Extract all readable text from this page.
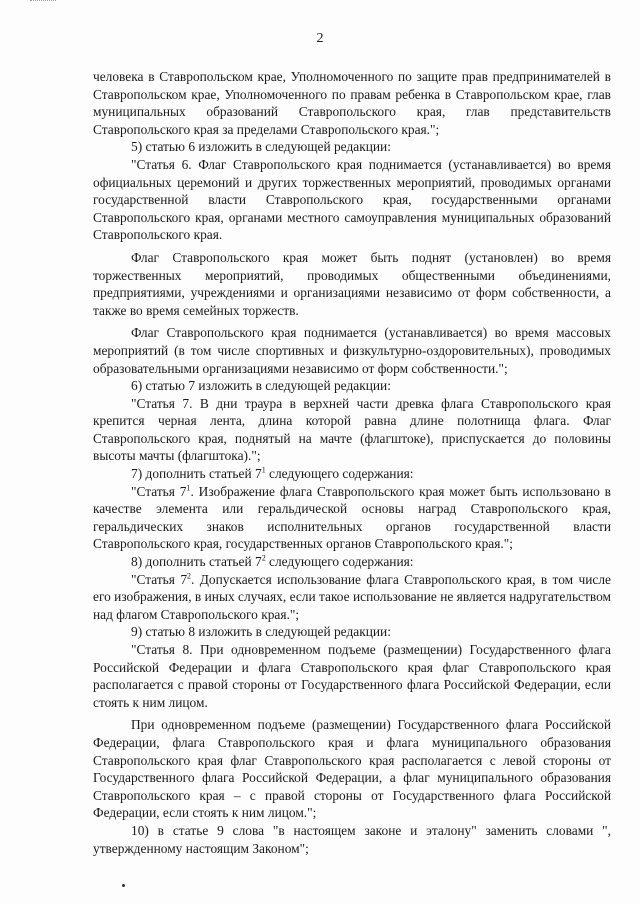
2

человека в Ставропольском крае, Уполномоченного по защите прав предпринимателей в Ставропольском крае, Уполномоченного по правам ребенка в Ставропольском крае, глав муниципальных образований Ставропольского края, глав представительств Ставропольского края за пределами Ставропольского края.";

5) статью 6 изложить в следующей редакции:

"Статья 6. Флаг Ставропольского края поднимается (устанавливается) во время официальных церемоний и других торжественных мероприятий, проводимых органами государственной власти Ставропольского края, государственными органами Ставропольского края, органами местного самоуправления муниципальных образований Ставропольского края.

Флаг Ставропольского края может быть поднят (установлен) во время торжественных мероприятий, проводимых общественными объединениями, предприятиями, учреждениями и организациями независимо от форм собственности, а также во время семейных торжеств.

Флаг Ставропольского края поднимается (устанавливается) во время массовых мероприятий (в том числе спортивных и физкультурно-оздоровительных), проводимых образовательными организациями независимо от форм собственности.";

6) статью 7 изложить в следующей редакции:

"Статья 7. В дни траура в верхней части древка флага Ставропольского края крепится черная лента, длина которой равна длине полотнища флага. Флаг Ставропольского края, поднятый на мачте (флагштоке), приспускается до половины высоты мачты (флагштока).";

7) дополнить статьей $7^1$ следующего содержания:

"Статья $7^1$. Изображение флага Ставропольского края может быть использовано в качестве элемента или геральдической основы наград Ставропольского края, геральдических знаков исполнительных органов государственной власти Ставропольского края, государственных органов Ставропольского края.";

8) дополнить статьей $7^2$ следующего содержания:

"Статья $7^2$. Допускается использование флага Ставропольского края, в том числе его изображения, в иных случаях, если такое использование не является надругательством над флагом Ставропольского края.";

9) статью 8 изложить в следующей редакции:

"Статья 8. При одновременном подъеме (размещении) Государственного флага Российской Федерации и флага Ставропольского края флаг Ставропольского края располагается с правой стороны от Государственного флага Российской Федерации, если стоять к ним лицом.

При одновременном подъеме (размещении) Государственного флага Российской Федерации, флага Ставропольского края и флага муниципального образования Ставропольского края флаг Ставропольского края располагается с левой стороны от Государственного флага Российской Федерации, а флаг муниципального образования Ставропольского края – с правой стороны от Государственного флага Российской Федерации, если стоять к ним лицом.";

10) в статье 9 слова "в настоящем законе и эталону" заменить словами ", утвержденному настоящим Законом";
